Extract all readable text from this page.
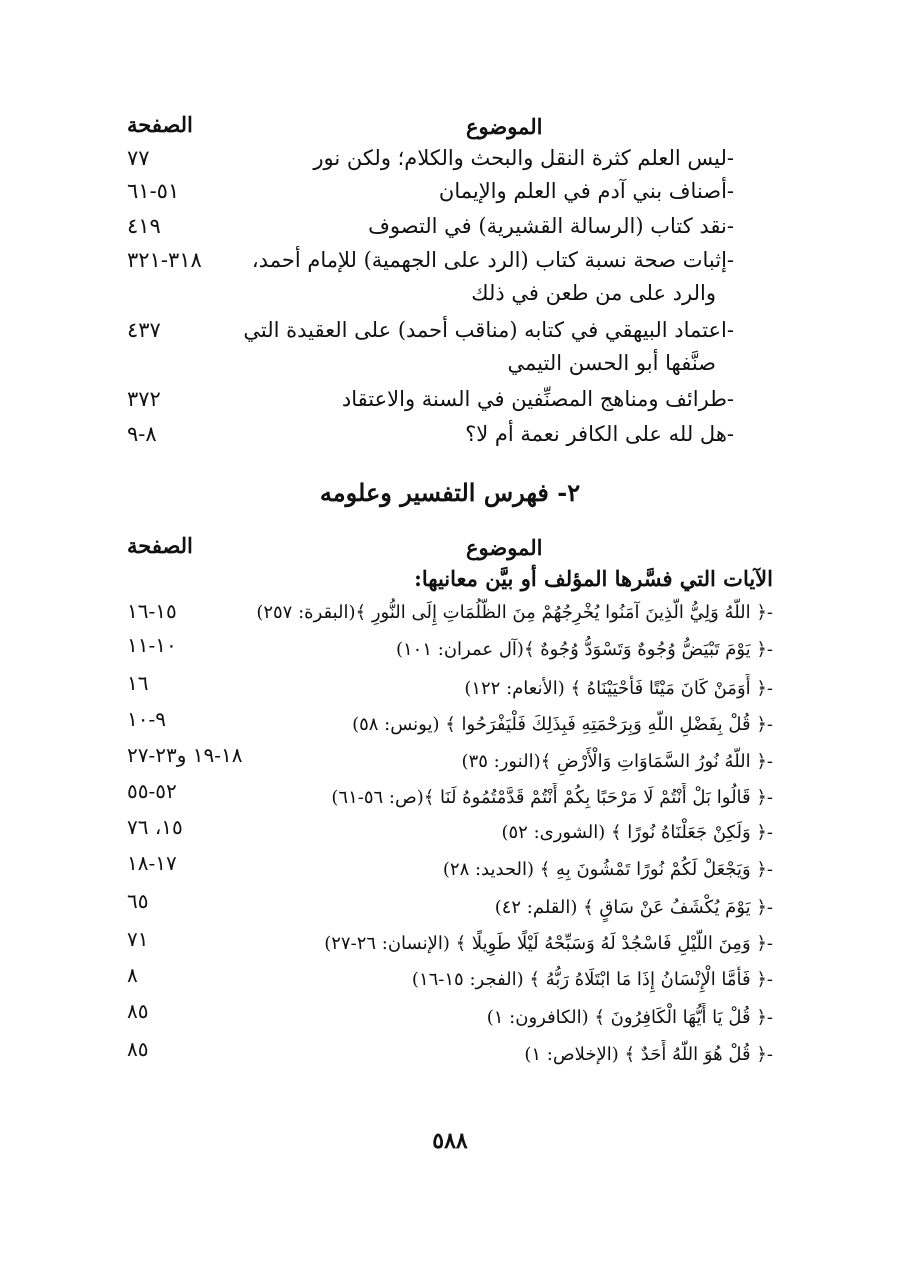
الصفحة	الموضوع
-ليس العلم كثرة النقل والبحث والكلام؛ ولكن نور
٧٧
-أصناف بني آدم في العلم والإيمان
٥١-٦١
-نقد كتاب (الرسالة القشيرية) في التصوف
٤١٩
-إثبات صحة نسبة كتاب (الرد على الجهمية) للإمام أحمد،
والرد على من طعن في ذلك
٣١٨-٣٢١
-اعتماد البيهقي في كتابه (مناقب أحمد) على العقيدة التي
صنَّفها أبو الحسن التيمي
٤٣٧
-طرائف ومناهج المصنِّفين في السنة والاعتقاد
٣٧٢
-هل لله على الكافر نعمة أم لا؟
٨-٩
٢- فهرس التفسير وعلومه
الصفحة	الموضوع
الآيات التي فسَّرها المؤلف أو بيَّن معانيها:
-﴿ اللَّهُ وَلِيُّ الَّذِينَ آمَنُوا يُخْرِجُهُمْ مِنَ الظُّلُمَاتِ إِلَى النُّورِ ﴾(البقرة: ٢٥٧)
١٥-١٦
-﴿ يَوْمَ تَبْيَضُّ وُجُوهٌ وَتَسْوَدُّ وُجُوهٌ ﴾(آل عمران: ١٠١)
١٠-١١
-﴿ أَوَمَنْ كَانَ مَيْتًا فَأَحْيَيْنَاهُ ﴾ (الأنعام: ١٢٢)
١٦
-﴿ قُلْ بِفَضْلِ اللَّهِ وَبِرَحْمَتِهِ فَبِذَلِكَ فَلْيَفْرَحُوا ﴾ (يونس: ٥٨)
٩-١٠
-﴿ اللَّهُ نُورُ السَّمَاوَاتِ وَالْأَرْضِ ﴾(النور: ٣٥)
١٨-١٩ و٢٣-٢٧
-﴿ قَالُوا بَلْ أَنْتُمْ لَا مَرْحَبًا بِكُمْ أَنْتُمْ قَدَّمْتُمُوهُ لَنَا ﴾(ص: ٥٦-٦١)
٥٢-٥٥
-﴿ وَلَكِنْ جَعَلْنَاهُ نُورًا ﴾ (الشورى: ٥٢)
١٥، ٧٦
-﴿ وَيَجْعَلْ لَكُمْ نُورًا تَمْشُونَ بِهِ ﴾ (الحديد: ٢٨)
١٧-١٨
-﴿ يَوْمَ يُكْشَفُ عَنْ سَاقٍ ﴾ (القلم: ٤٢)
٦٥
-﴿ وَمِنَ اللَّيْلِ فَاسْجُدْ لَهُ وَسَبِّحْهُ لَيْلًا طَوِيلًا ﴾ (الإنسان: ٢٦-٢٧)
٧١
-﴿ فَأَمَّا الْإِنْسَانُ إِذَا مَا ابْتَلَاهُ رَبُّهُ ﴾ (الفجر: ١٥-١٦)
٨
-﴿ قُلْ يَا أَيُّهَا الْكَافِرُونَ ﴾ (الكافرون: ١)
٨٥
-﴿ قُلْ هُوَ اللَّهُ أَحَدٌ ﴾ (الإخلاص: ١)
٨٥
٥٨٨
